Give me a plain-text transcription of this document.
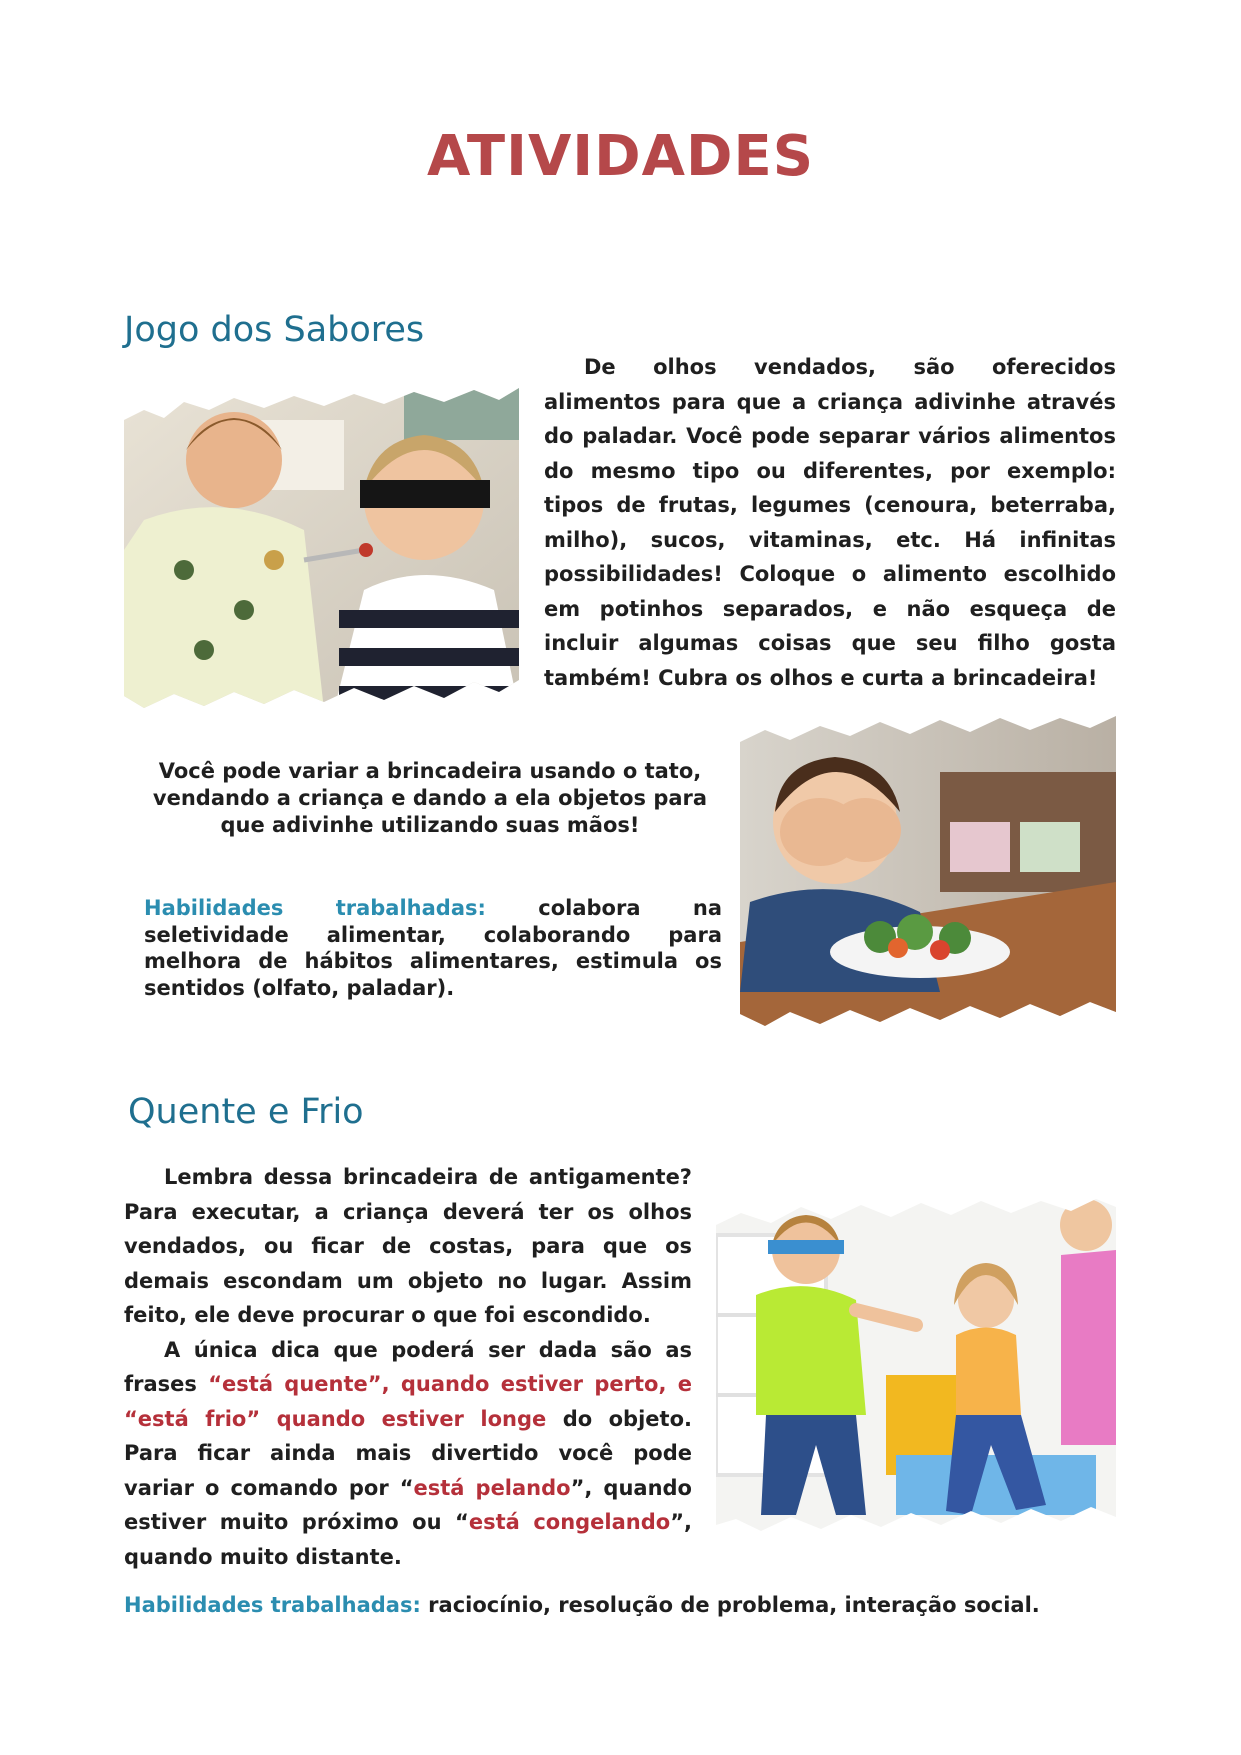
ATIVIDADES
Jogo dos Sabores

De olhos vendados, são oferecidos alimentos para que a criança adivinhe através do paladar. Você pode separar vários alimentos do mesmo tipo ou diferentes, por exemplo: tipos de frutas, legumes (cenoura, beterraba, milho), sucos, vitaminas, etc. Há infinitas possibilidades! Coloque o alimento escolhido em potinhos separados, e não esqueça de incluir algumas coisas que seu filho gosta também! Cubra os olhos e curta a brincadeira!

Você pode variar a brincadeira usando o tato, vendando a criança e dando a ela objetos para que adivinhe utilizando suas mãos!
Habilidades trabalhadas: colabora na seletividade alimentar, colaborando para melhora de hábitos alimentares, estimula os sentidos (olfato, paladar).
Quente e Frio

Lembra dessa brincadeira de antigamente? Para executar, a criança deverá ter os olhos vendados, ou ficar de costas, para que os demais escondam um objeto no lugar. Assim feito, ele deve procurar o que foi escondido.

A única dica que poderá ser dada são as frases “está quente”, quando estiver perto, e “está frio” quando estiver longe do objeto. Para ficar ainda mais divertido você pode variar o comando por “está pelando”, quando estiver muito próximo ou “está congelando”, quando muito distante.

Habilidades trabalhadas: raciocínio, resolução de problema, interação social.
